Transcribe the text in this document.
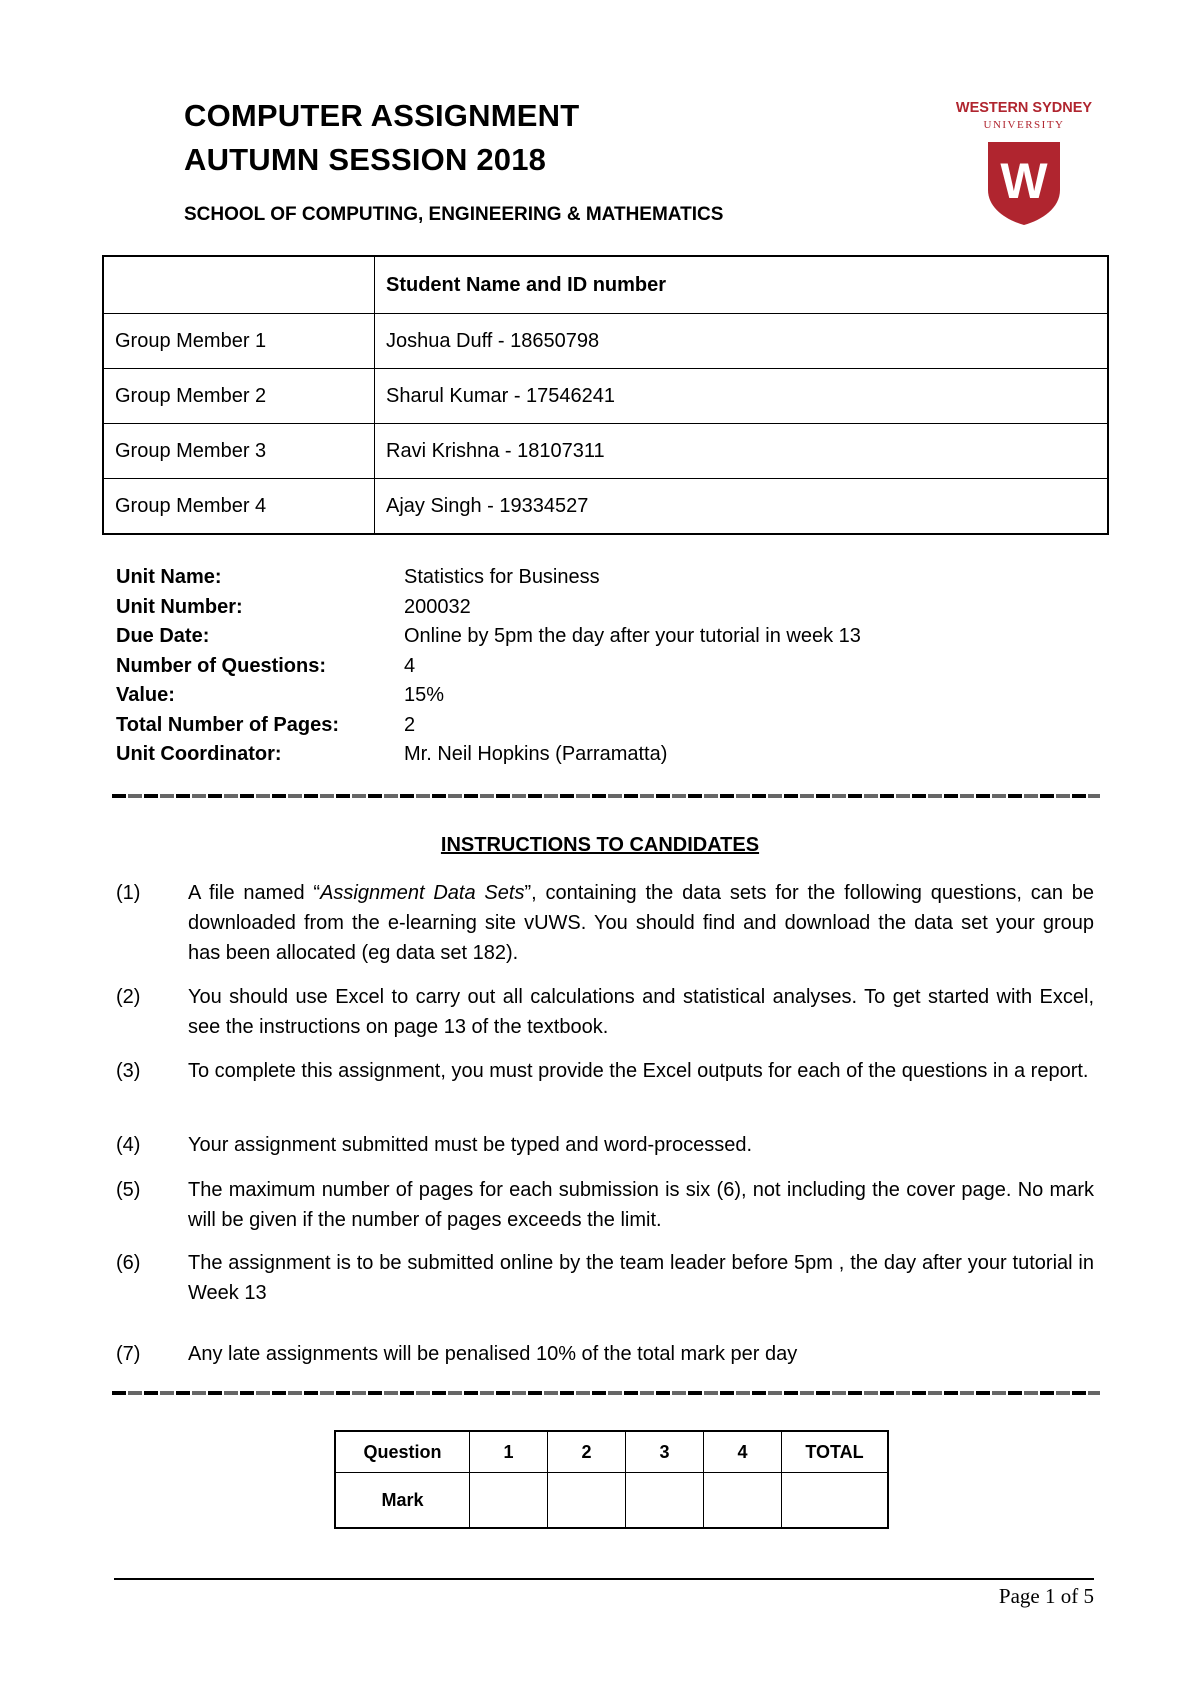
COMPUTER ASSIGNMENT
AUTUMN SESSION 2018
SCHOOL OF COMPUTING, ENGINEERING & MATHEMATICS
WESTERN SYDNEY
UNIVERSITY
W
	Student Name and ID number
Group Member 1	Joshua Duff - 18650798
Group Member 2	Sharul Kumar - 17546241
Group Member 3	Ravi Krishna - 18107311
Group Member 4	Ajay Singh - 19334527
Unit Name:	Statistics for Business
Unit Number:	200032
Due Date:	Online by 5pm the day after your tutorial in week 13
Number of Questions:	4
Value:	15%
Total Number of Pages:	2
Unit Coordinator:	Mr. Neil Hopkins (Parramatta)
INSTRUCTIONS TO CANDIDATES
(1) A file named “Assignment Data Sets”, containing the data sets for the following questions, can be downloaded from the e-learning site vUWS. You should find and download the data set your group has been allocated (eg data set 182).
(2) You should use Excel to carry out all calculations and statistical analyses. To get started with Excel, see the instructions on page 13 of the textbook.
(3) To complete this assignment, you must provide the Excel outputs for each of the questions in a report.
(4) Your assignment submitted must be typed and word-processed.
(5) The maximum number of pages for each submission is six (6), not including the cover page. No mark will be given if the number of pages exceeds the limit.
(6) The assignment is to be submitted online by the team leader before 5pm , the day after your tutorial in Week 13
(7) Any late assignments will be penalised 10% of the total mark per day
Question	1	2	3	4	TOTAL
Mark					
Page 1 of 5
